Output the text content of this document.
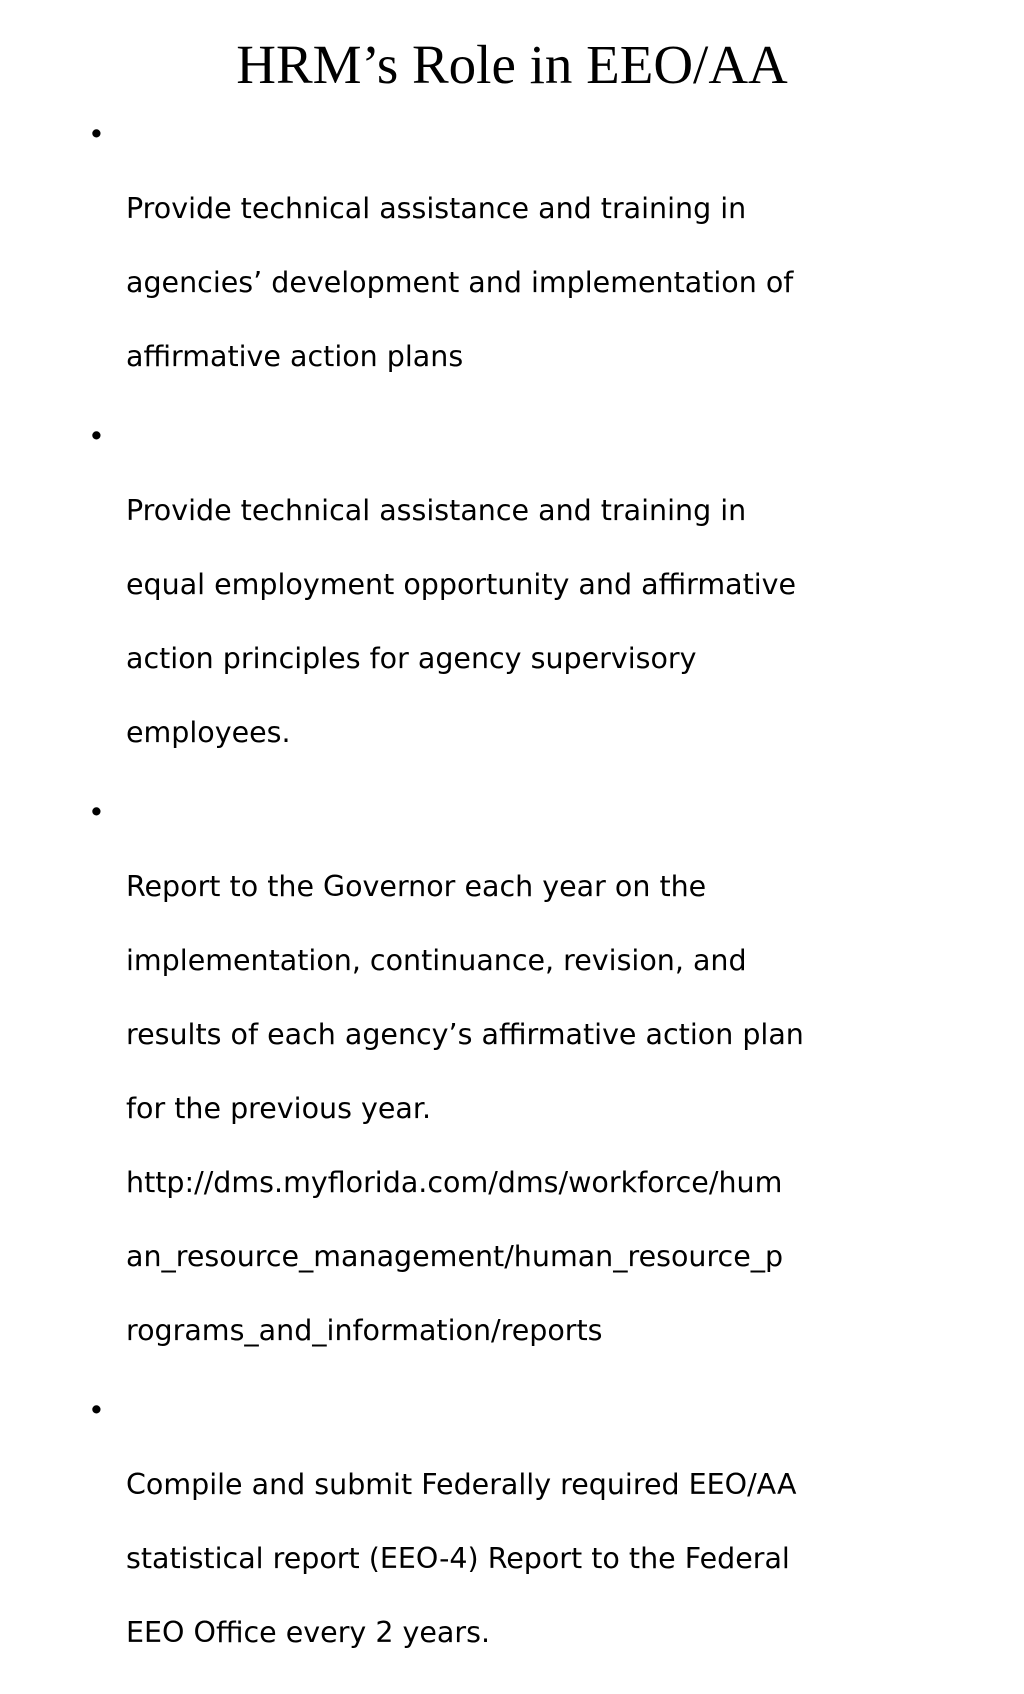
HRM’s Role in EEO/AA

•

Provide technical assistance and training in

agencies’ development and implementation of

affirmative action plans

•

Provide technical assistance and training in

equal employment opportunity and affirmative

action principles for agency supervisory

employees.

•

Report to the Governor each year on the

implementation, continuance, revision, and

results of each agency’s affirmative action plan

for the previous year.

http://dms.myflorida.com/dms/workforce/hum

an_resource_management/human_resource_p

rograms_and_information/reports

•

Compile and submit Federally required EEO/AA

statistical report (EEO-4) Report to the Federal

EEO Office every 2 years.
